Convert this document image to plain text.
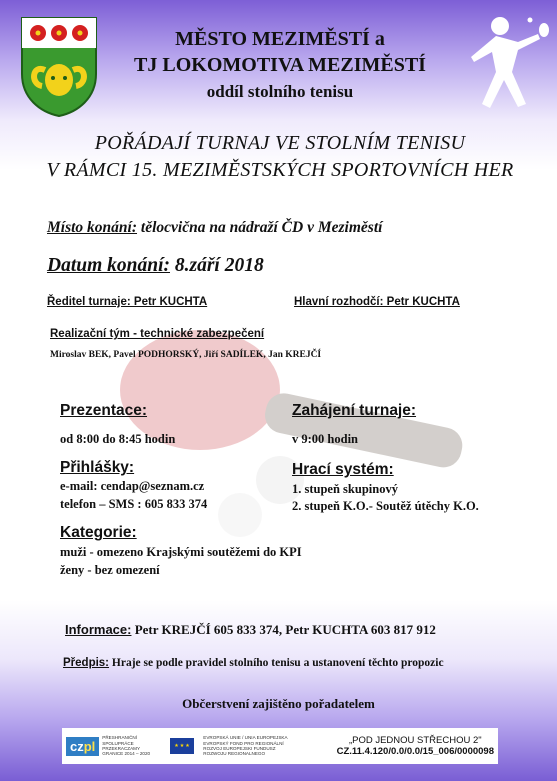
MĚSTO MEZIMĚSTÍ a
TJ LOKOMOTIVA MEZIMĚSTÍ
oddíl stolního tenisu
POŘÁDAJÍ TURNAJ VE STOLNÍM TENISU
V RÁMCI 15. MEZIMĚSTSKÝCH SPORTOVNÍCH HER
Místo konání: tělocvična na nádraží ČD v Meziměstí
Datum konání: 8.září 2018
Ředitel turnaje: Petr KUCHTA	Hlavní rozhodčí: Petr KUCHTA
Realizační tým - technické zabezpečení
Miroslav BEK, Pavel PODHORSKÝ, Jiří SADÍLEK, Jan KREJČÍ
Prezentace:
od 8:00 do 8:45 hodin
Zahájení turnaje:
v 9:00 hodin
Přihlášky:
e-mail: cendap@seznam.cz
telefon – SMS : 605 833 374
Hrací systém:
1. stupeň skupinový
2. stupeň K.O.- Soutěž útěchy K.O.
Kategorie:
muži - omezeno Krajskými soutěžemi do KPI
ženy - bez omezení
Informace: Petr KREJČÍ 605 833 374, Petr KUCHTA 603 817 912
Předpis: Hraje se podle pravidel stolního tenisu a ustanovení těchto propozic
Občerstvení zajištěno pořadatelem
czpl
PŘESHRANIČNÍ SPOLUPRÁCE PRZEKRACZAMY GRANICE 2014 – 2020
★★★
EVROPSKÁ UNIE / UNIA EUROPEJSKA EVROPSKÝ FOND PRO REGIONÁLNÍ ROZVOJ EUROPEJSKI FUNDUSZ ROZWOJU REGIONALNEGO
„POD JEDNOU STŘECHOU 2"
CZ.11.4.120/0.0/0.0/15_006/0000098
